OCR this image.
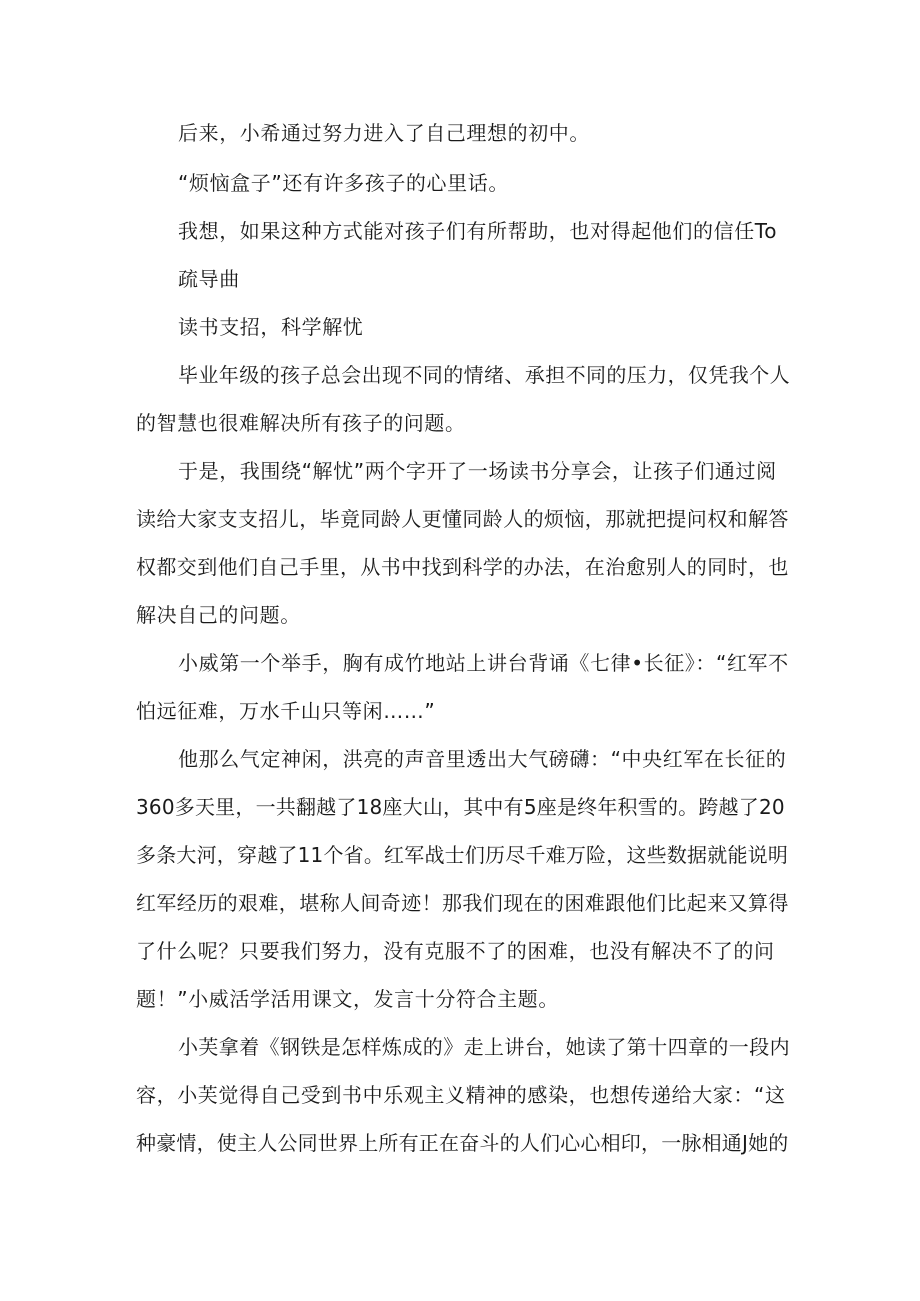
后来，小希通过努力进入了自己理想的初中。

“烦恼盒子”还有许多孩子的心里话。

我想，如果这种方式能对孩子们有所帮助，也对得起他们的信任To

疏导曲

读书支招，科学解忧

毕业年级的孩子总会出现不同的情绪、承担不同的压力，仅凭我个人

的智慧也很难解决所有孩子的问题。

于是，我围绕“解忧”两个字开了一场读书分享会，让孩子们通过阅

读给大家支支招儿，毕竟同龄人更懂同龄人的烦恼，那就把提问权和解答

权都交到他们自己手里，从书中找到科学的办法，在治愈别人的同时，也

解决自己的问题。

小威第一个举手，胸有成竹地站上讲台背诵《七律•长征》：“红军不

怕远征难，万水千山只等闲……”

他那么气定神闲，洪亮的声音里透出大气磅礴：“中央红军在长征的

360多天里，一共翻越了18座大山，其中有5座是终年积雪的。跨越了20

多条大河，穿越了11个省。红军战士们历尽千难万险，这些数据就能说明

红军经历的艰难，堪称人间奇迹！那我们现在的困难跟他们比起来又算得

了什么呢？只要我们努力，没有克服不了的困难，也没有解决不了的问

题！”小威活学活用课文，发言十分符合主题。

小芙拿着《钢铁是怎样炼成的》走上讲台，她读了第十四章的一段内

容，小芙觉得自己受到书中乐观主义精神的感染，也想传递给大家：“这

种豪情，使主人公同世界上所有正在奋斗的人们心心相印，一脉相通J她的
